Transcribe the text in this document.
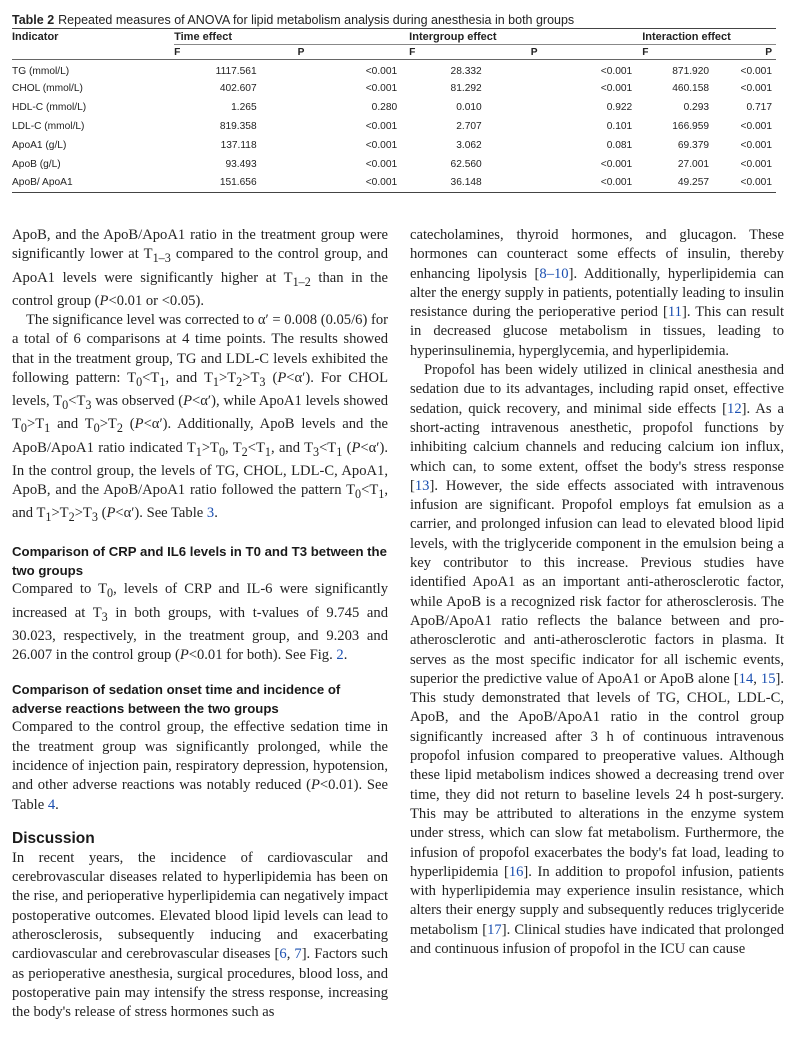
Table 2 Repeated measures of ANOVA for lipid metabolism analysis during anesthesia in both groups
Indicator	Time effect		Intergroup effect		Interaction effect	
	F	P	F	P	F	P
TG (mmol/L)	1117.561	<0.001	28.332	<0.001	871.920	<0.001
CHOL (mmol/L)	402.607	<0.001	81.292	<0.001	460.158	<0.001
HDL-C (mmol/L)	1.265	0.280	0.010	0.922	0.293	0.717
LDL-C (mmol/L)	819.358	<0.001	2.707	0.101	166.959	<0.001
ApoA1 (g/L)	137.118	<0.001	3.062	0.081	69.379	<0.001
ApoB (g/L)	93.493	<0.001	62.560	<0.001	27.001	<0.001
ApoB/ ApoA1	151.656	<0.001	36.148	<0.001	49.257	<0.001

ApoB, and the ApoB/ApoA1 ratio in the treatment group were significantly lower at $T_{1-3}$ compared to the control group, and ApoA1 levels were significantly higher at $T_{1-2}$ than in the control group (P<0.01 or <0.05).

The significance level was corrected to α′ = 0.008 (0.05/6) for a total of 6 comparisons at 4 time points. The results showed that in the treatment group, TG and LDL-C levels exhibited the following pattern: $T_0<T_1$, and $T_1>T_2>T_3$ (P<α′). For CHOL levels, $T_0<T_3$ was observed (P<α′), while ApoA1 levels showed $T_0>T_1$ and $T_0>T_2$ (P<α′). Additionally, ApoB levels and the ApoB/ApoA1 ratio indicated $T_1>T_0$, $T_2<T_1$, and $T_3<T_1$ (P<α′). In the control group, the levels of TG, CHOL, LDL-C, ApoA1, ApoB, and the ApoB/ApoA1 ratio followed the pattern $T_0<T_1$, and $T_1>T_2>T_3$ (P<α′). See Table 3.

Comparison of CRP and IL6 levels in T0 and T3 between the two groups

Compared to $T_0$, levels of CRP and IL-6 were significantly increased at $T_3$ in both groups, with t-values of 9.745 and 30.023, respectively, in the treatment group, and 9.203 and 26.007 in the control group (P<0.01 for both). See Fig. 2.

Comparison of sedation onset time and incidence of adverse reactions between the two groups

Compared to the control group, the effective sedation time in the treatment group was significantly prolonged, while the incidence of injection pain, respiratory depression, hypotension, and other adverse reactions was notably reduced (P<0.01). See Table 4.

Discussion

In recent years, the incidence of cardiovascular and cerebrovascular diseases related to hyperlipidemia has been on the rise, and perioperative hyperlipidemia can negatively impact postoperative outcomes. Elevated blood lipid levels can lead to atherosclerosis, subsequently inducing and exacerbating cardiovascular and cerebrovascular diseases [6, 7]. Factors such as perioperative anesthesia, surgical procedures, blood loss, and postoperative pain may intensify the stress response, increasing the body's release of stress hormones such as

catecholamines, thyroid hormones, and glucagon. These hormones can counteract some effects of insulin, thereby enhancing lipolysis [8–10]. Additionally, hyperlipidemia can alter the energy supply in patients, potentially leading to insulin resistance during the perioperative period [11]. This can result in decreased glucose metabolism in tissues, leading to hyperinsulinemia, hyperglycemia, and hyperlipidemia.

Propofol has been widely utilized in clinical anesthesia and sedation due to its advantages, including rapid onset, effective sedation, quick recovery, and minimal side effects [12]. As a short-acting intravenous anesthetic, propofol functions by inhibiting calcium channels and reducing calcium ion influx, which can, to some extent, offset the body's stress response [13]. However, the side effects associated with intravenous infusion are significant. Propofol employs fat emulsion as a carrier, and prolonged infusion can lead to elevated blood lipid levels, with the triglyceride component in the emulsion being a key contributor to this increase. Previous studies have identified ApoA1 as an important anti-atherosclerotic factor, while ApoB is a recognized risk factor for atherosclerosis. The ApoB/ApoA1 ratio reflects the balance between and pro-atherosclerotic and anti-atherosclerotic factors in plasma. It serves as the most specific indicator for all ischemic events, superior the predictive value of ApoA1 or ApoB alone [14, 15]. This study demonstrated that levels of TG, CHOL, LDL-C, ApoB, and the ApoB/ApoA1 ratio in the control group significantly increased after 3 h of continuous intravenous propofol infusion compared to preoperative values. Although these lipid metabolism indices showed a decreasing trend over time, they did not return to baseline levels 24 h post-surgery. This may be attributed to alterations in the enzyme system under stress, which can slow fat metabolism. Furthermore, the infusion of propofol exacerbates the body's fat load, leading to hyperlipidemia [16]. In addition to propofol infusion, patients with hyperlipidemia may experience insulin resistance, which alters their energy supply and subsequently reduces triglyceride metabolism [17]. Clinical studies have indicated that prolonged and continuous infusion of propofol in the ICU can cause
